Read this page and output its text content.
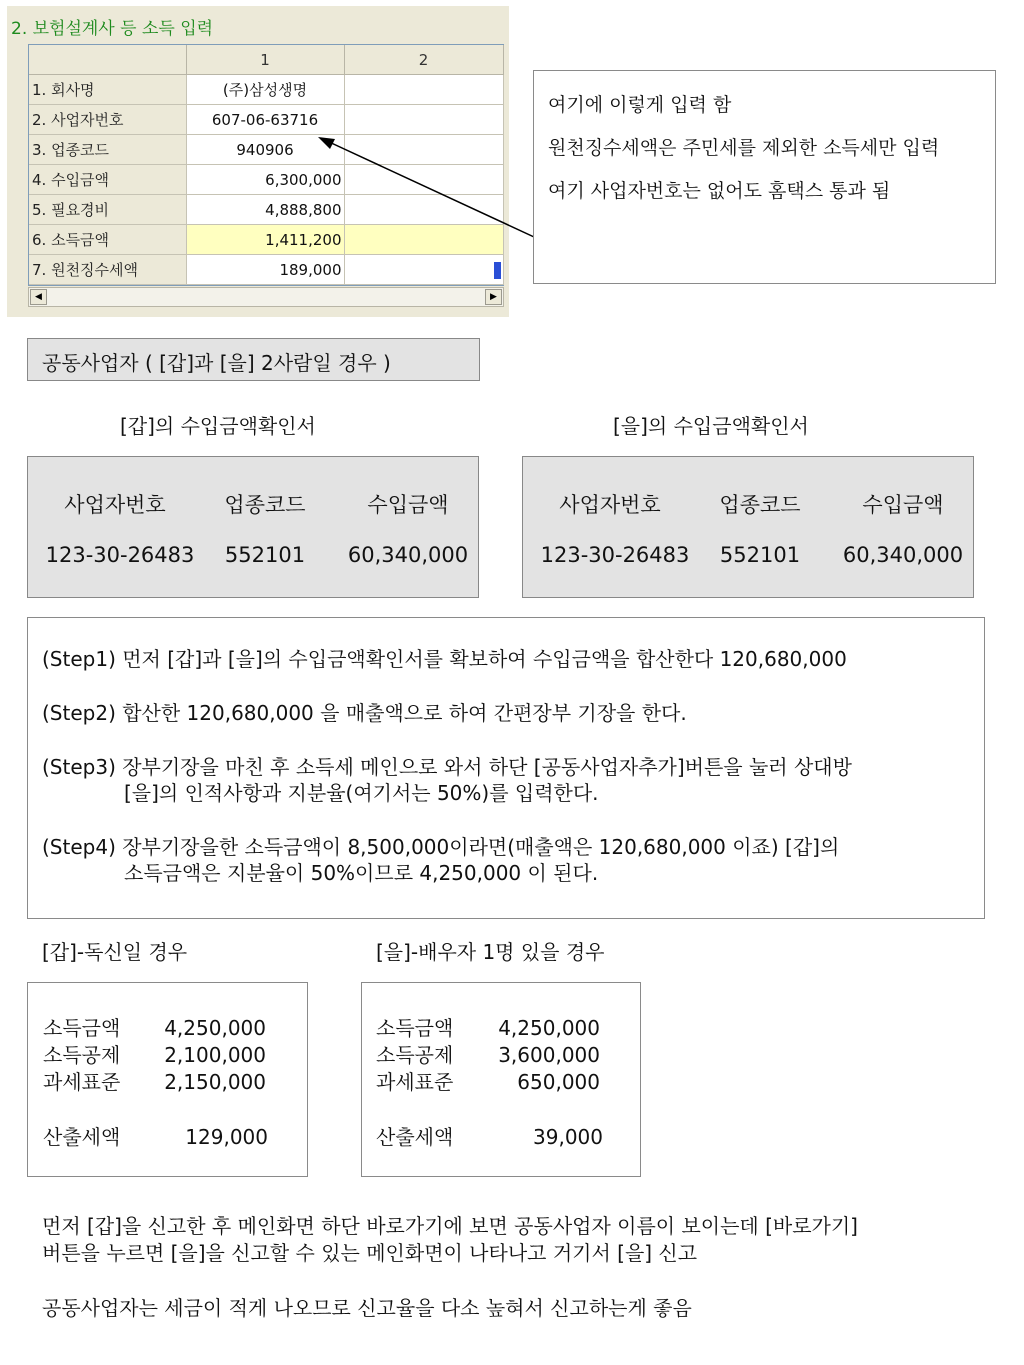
2. 보험설계사 등 소득 입력
	1	2
1. 회사명	(주)삼성생명	
2. 사업자번호	607-06-63716	
3. 업종코드	940906	
4. 수입금액	6,300,000	
5. 필요경비	4,888,800	
6. 소득금액	1,411,200	
7. 원천징수세액	189,000	
◀	▶

여기에 이렇게 입력 함

원천징수세액은 주민세를 제외한 소득세만 입력

여기 사업자번호는 없어도 홈택스 통과 됨

공동사업자 ( [갑]과 [을] 2사람일 경우 )
[갑]의 수입금액확인서	[을]의 수입금액확인서
사업자번호	업종코드	수입금액
123-30-26483	552101	60,340,000
사업자번호	업종코드	수입금액
123-30-26483	552101	60,340,000
(Step1) 먼저 [갑]과 [을]의 수입금액확인서를 확보하여 수입금액을 합산한다 120,680,000
(Step2) 합산한 120,680,000 을 매출액으로 하여 간편장부 기장을 한다.
(Step3) 장부기장을 마친 후 소득세 메인으로 와서 하단 [공동사업자추가]버튼을 눌러 상대방
[을]의 인적사항과 지분율(여기서는 50%)를 입력한다.
(Step4) 장부기장을한 소득금액이 8,500,000이라면(매출액은 120,680,000 이죠) [갑]의
소득금액은 지분율이 50%이므로 4,250,000 이 된다.
[갑]-독신일 경우	[을]-배우자 1명 있을 경우
소득금액	4,250,000
소득공제	2,100,000
과세표준	2,150,000
산출세액	129,000
소득금액	4,250,000
소득공제	3,600,000
과세표준	650,000
산출세액	39,000

먼저 [갑]을 신고한 후 메인화면 하단 바로가기에 보면 공동사업자 이름이 보이는데 [바로가기]
버튼을 누르면 [을]을 신고할 수 있는 메인화면이 나타나고 거기서 [을] 신고

공동사업자는 세금이 적게 나오므로 신고율을 다소 높혀서 신고하는게 좋음
